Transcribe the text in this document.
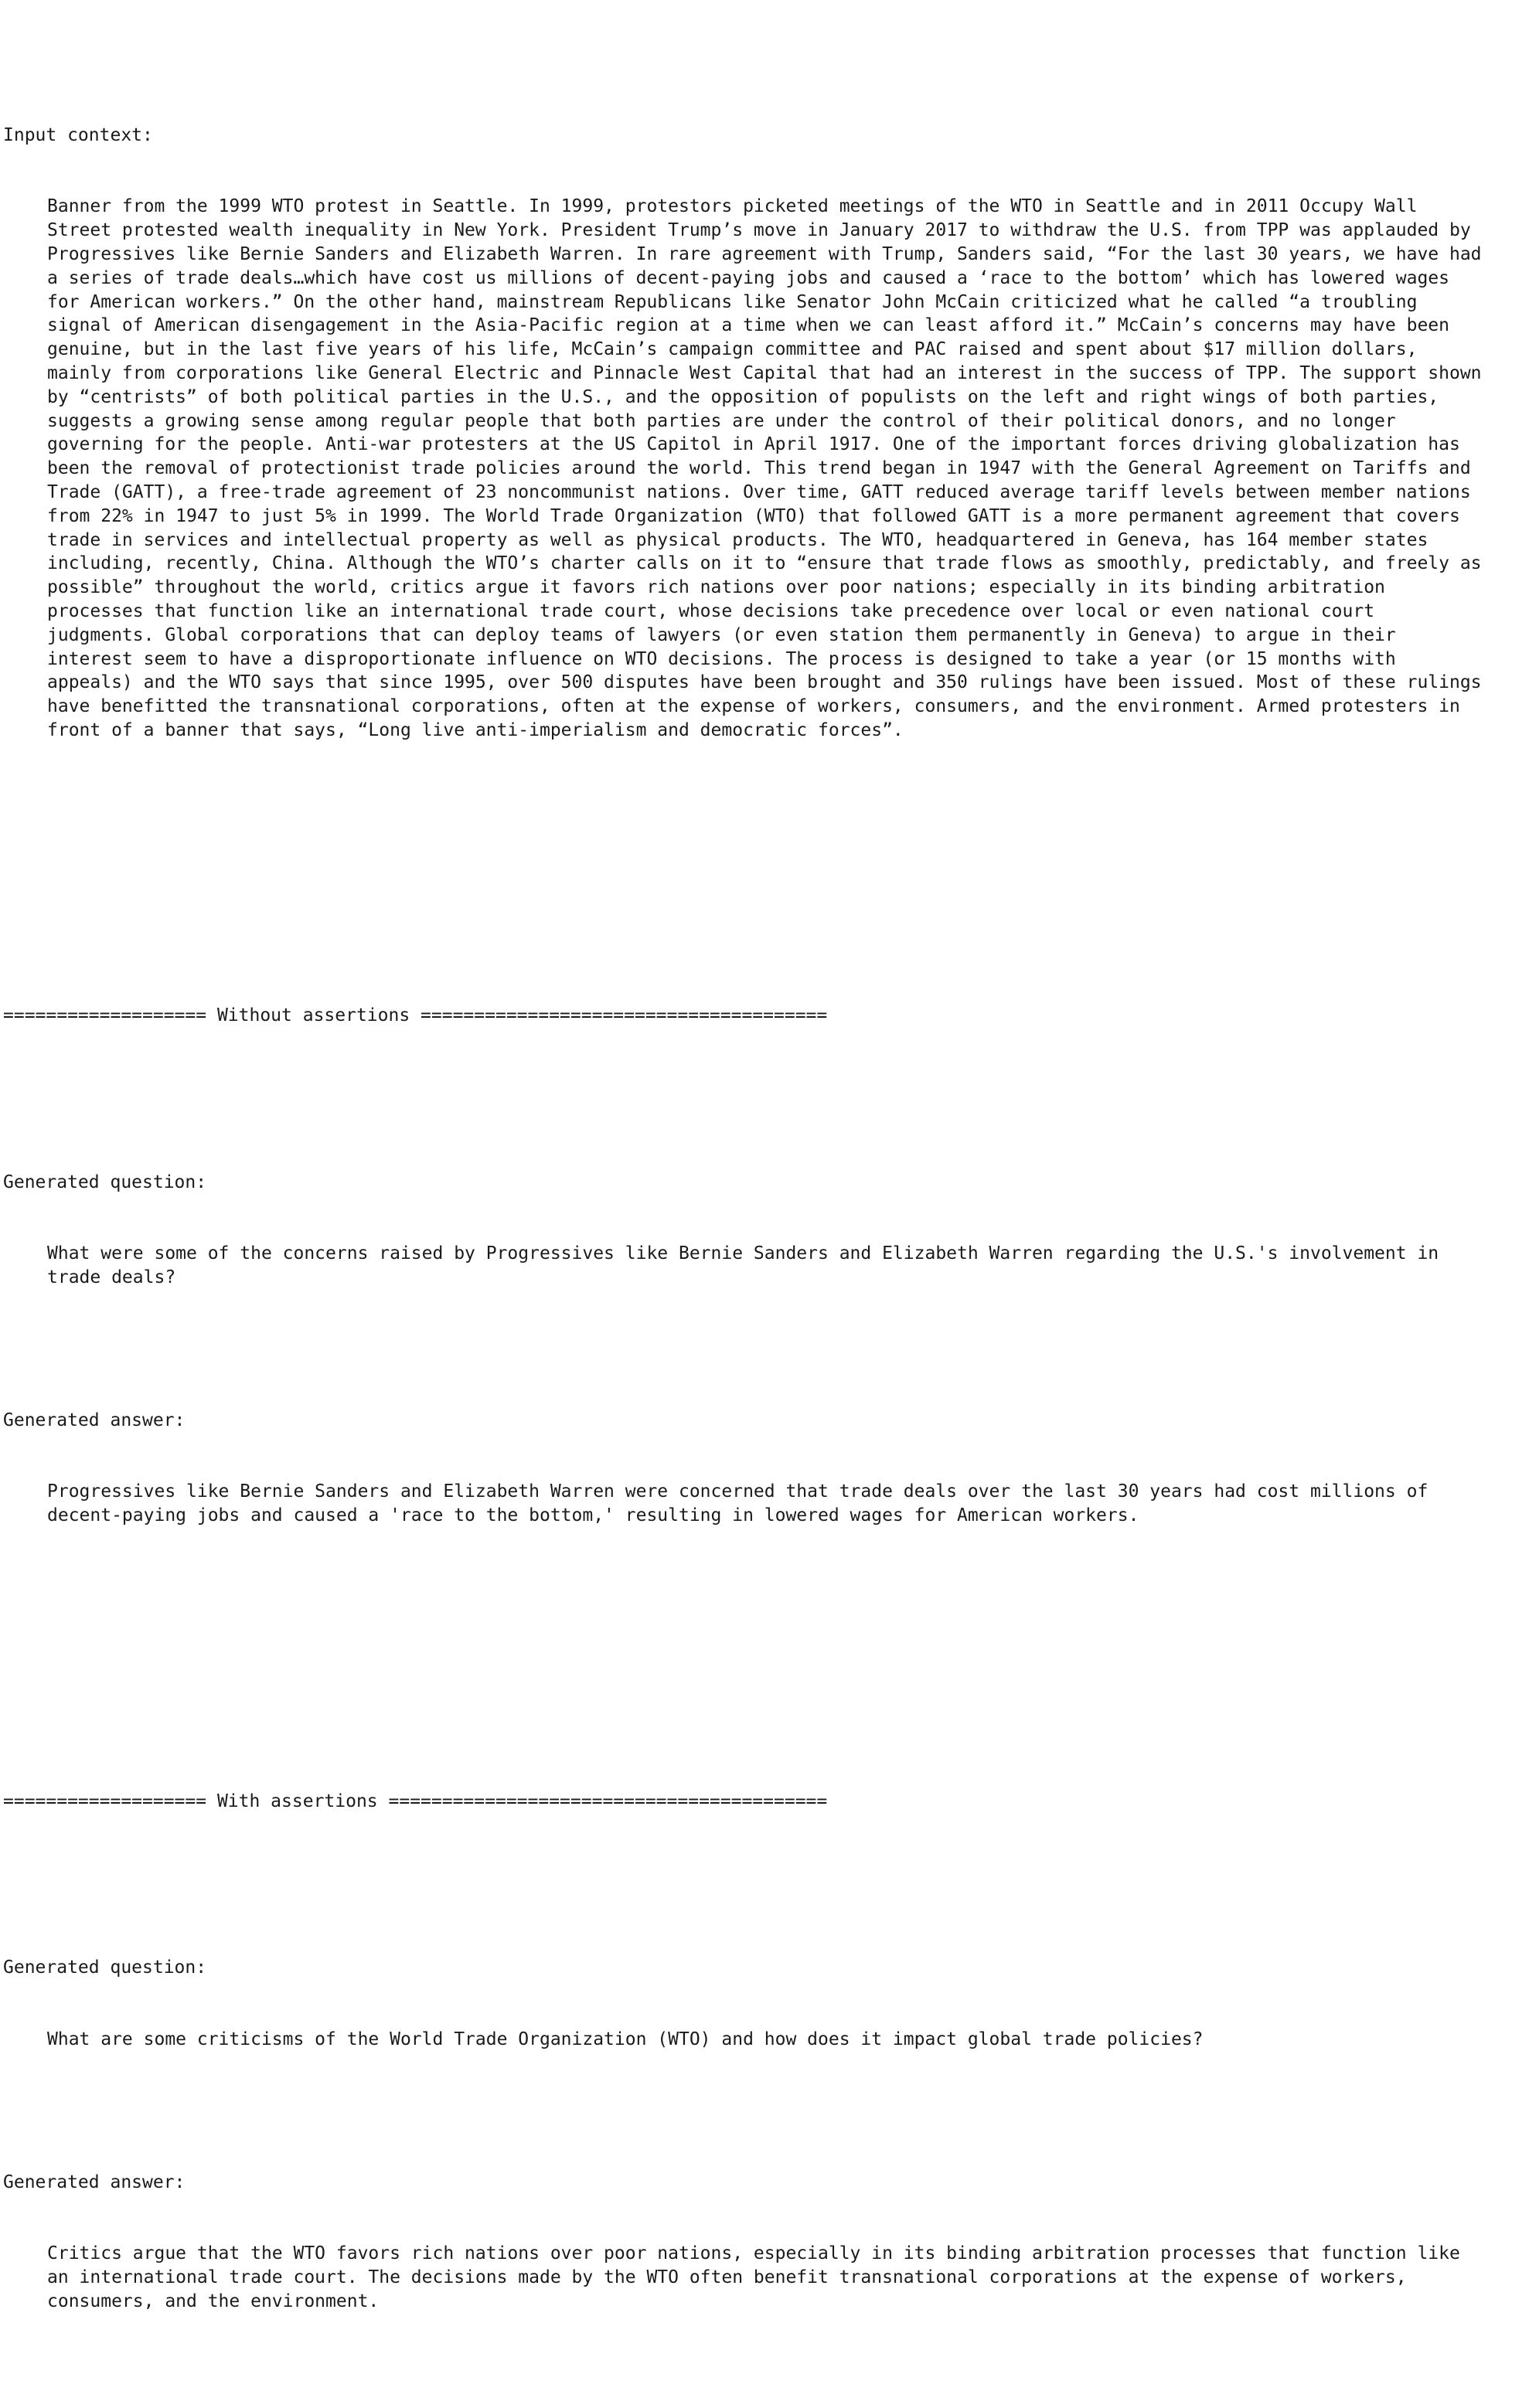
Input context:

Banner from the 1999 WTO protest in Seattle. In 1999, protestors picketed meetings of the WTO in Seattle and in 2011 Occupy Wall Street protested wealth inequality in New York. President Trump’s move in January 2017 to withdraw the U.S. from TPP was applauded by Progressives like Bernie Sanders and Elizabeth Warren. In rare agreement with Trump, Sanders said, “For the last 30 years, we have had a series of trade deals…which have cost us millions of decent-paying jobs and caused a ‘race to the bottom’ which has lowered wages for American workers.” On the other hand, mainstream Republicans like Senator John McCain criticized what he called “a troubling signal of American disengagement in the Asia-Pacific region at a time when we can least afford it.” McCain’s concerns may have been genuine, but in the last five years of his life, McCain’s campaign committee and PAC raised and spent about $17 million dollars, mainly from corporations like General Electric and Pinnacle West Capital that had an interest in the success of TPP. The support shown by “centrists” of both political parties in the U.S., and the opposition of populists on the left and right wings of both parties, suggests a growing sense among regular people that both parties are under the control of their political donors, and no longer governing for the people. Anti-war protesters at the US Capitol in April 1917. One of the important forces driving globalization has been the removal of protectionist trade policies around the world. This trend began in 1947 with the General Agreement on Tariffs and Trade (GATT), a free-trade agreement of 23 noncommunist nations. Over time, GATT reduced average tariff levels between member nations from 22% in 1947 to just 5% in 1999. The World Trade Organization (WTO) that followed GATT is a more permanent agreement that covers trade in services and intellectual property as well as physical products. The WTO, headquartered in Geneva, has 164 member states including, recently, China. Although the WTO’s charter calls on it to “ensure that trade flows as smoothly, predictably, and freely as possible” throughout the world, critics argue it favors rich nations over poor nations; especially in its binding arbitration processes that function like an international trade court, whose decisions take precedence over local or even national court judgments. Global corporations that can deploy teams of lawyers (or even station them permanently in Geneva) to argue in their interest seem to have a disproportionate influence on WTO decisions. The process is designed to take a year (or 15 months with appeals) and the WTO says that since 1995, over 500 disputes have been brought and 350 rulings have been issued. Most of these rulings have benefitted the transnational corporations, often at the expense of workers, consumers, and the environment. Armed protesters in front of a banner that says, “Long live anti-imperialism and democratic forces”.

=================== Without assertions ======================================

Generated question:

What were some of the concerns raised by Progressives like Bernie Sanders and Elizabeth Warren regarding the U.S.'s involvement in trade deals?

Generated answer:

Progressives like Bernie Sanders and Elizabeth Warren were concerned that trade deals over the last 30 years had cost millions of decent-paying jobs and caused a 'race to the bottom,' resulting in lowered wages for American workers.

=================== With assertions =========================================

Generated question:

What are some criticisms of the World Trade Organization (WTO) and how does it impact global trade policies?

Generated answer:

Critics argue that the WTO favors rich nations over poor nations, especially in its binding arbitration processes that function like an international trade court. The decisions made by the WTO often benefit transnational corporations at the expense of workers, consumers, and the environment.
